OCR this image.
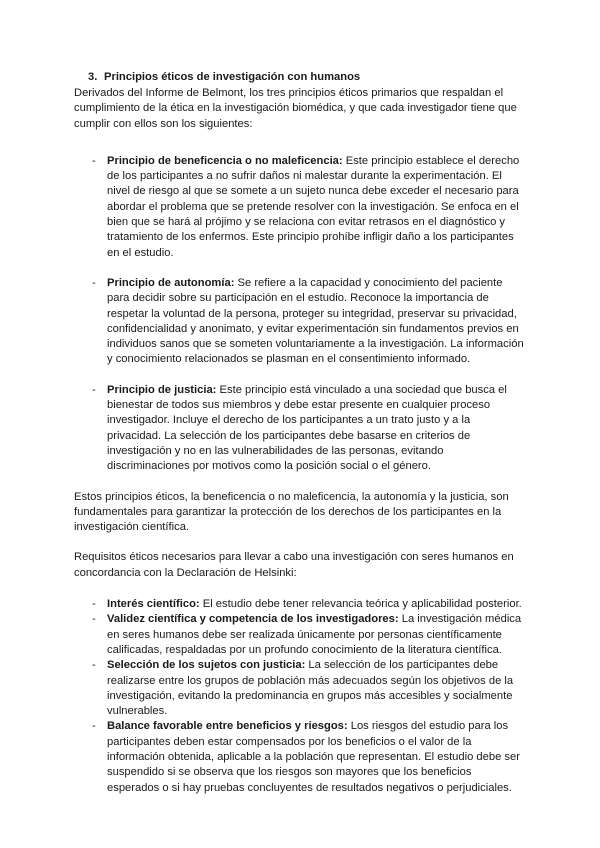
3. Principios éticos de investigación con humanos

Derivados del Informe de Belmont, los tres principios éticos primarios que respaldan el cumplimiento de la ética en la investigación biomédica, y que cada investigador tiene que cumplir con ellos son los siguientes:

- Principio de beneficencia o no maleficencia: Este principio establece el derecho de los participantes a no sufrir daños ni malestar durante la experimentación. El nivel de riesgo al que se somete a un sujeto nunca debe exceder el necesario para abordar el problema que se pretende resolver con la investigación. Se enfoca en el bien que se hará al prójimo y se relaciona con evitar retrasos en el diagnóstico y tratamiento de los enfermos. Este principio prohíbe infligir daño a los participantes en el estudio.
- Principio de autonomía: Se refiere a la capacidad y conocimiento del paciente para decidir sobre su participación en el estudio. Reconoce la importancia de respetar la voluntad de la persona, proteger su integridad, preservar su privacidad, confidencialidad y anonimato, y evitar experimentación sin fundamentos previos en individuos sanos que se someten voluntariamente a la investigación. La información y conocimiento relacionados se plasman en el consentimiento informado.
- Principio de justicia: Este principio está vinculado a una sociedad que busca el bienestar de todos sus miembros y debe estar presente en cualquier proceso investigador. Incluye el derecho de los participantes a un trato justo y a la privacidad. La selección de los participantes debe basarse en criterios de investigación y no en las vulnerabilidades de las personas, evitando discriminaciones por motivos como la posición social o el género.

Estos principios éticos, la beneficencia o no maleficencia, la autonomía y la justicia, son fundamentales para garantizar la protección de los derechos de los participantes en la investigación científica.

Requisitos éticos necesarios para llevar a cabo una investigación con seres humanos en concordancia con la Declaración de Helsinki:

- Interés científico: El estudio debe tener relevancia teórica y aplicabilidad posterior.
- Validez científica y competencia de los investigadores: La investigación médica en seres humanos debe ser realizada únicamente por personas científicamente calificadas, respaldadas por un profundo conocimiento de la literatura científica.
- Selección de los sujetos con justicia: La selección de los participantes debe realizarse entre los grupos de población más adecuados según los objetivos de la investigación, evitando la predominancia en grupos más accesibles y socialmente vulnerables.
- Balance favorable entre beneficios y riesgos: Los riesgos del estudio para los participantes deben estar compensados por los beneficios o el valor de la información obtenida, aplicable a la población que representan. El estudio debe ser suspendido si se observa que los riesgos son mayores que los beneficios esperados o si hay pruebas concluyentes de resultados negativos o perjudiciales.
